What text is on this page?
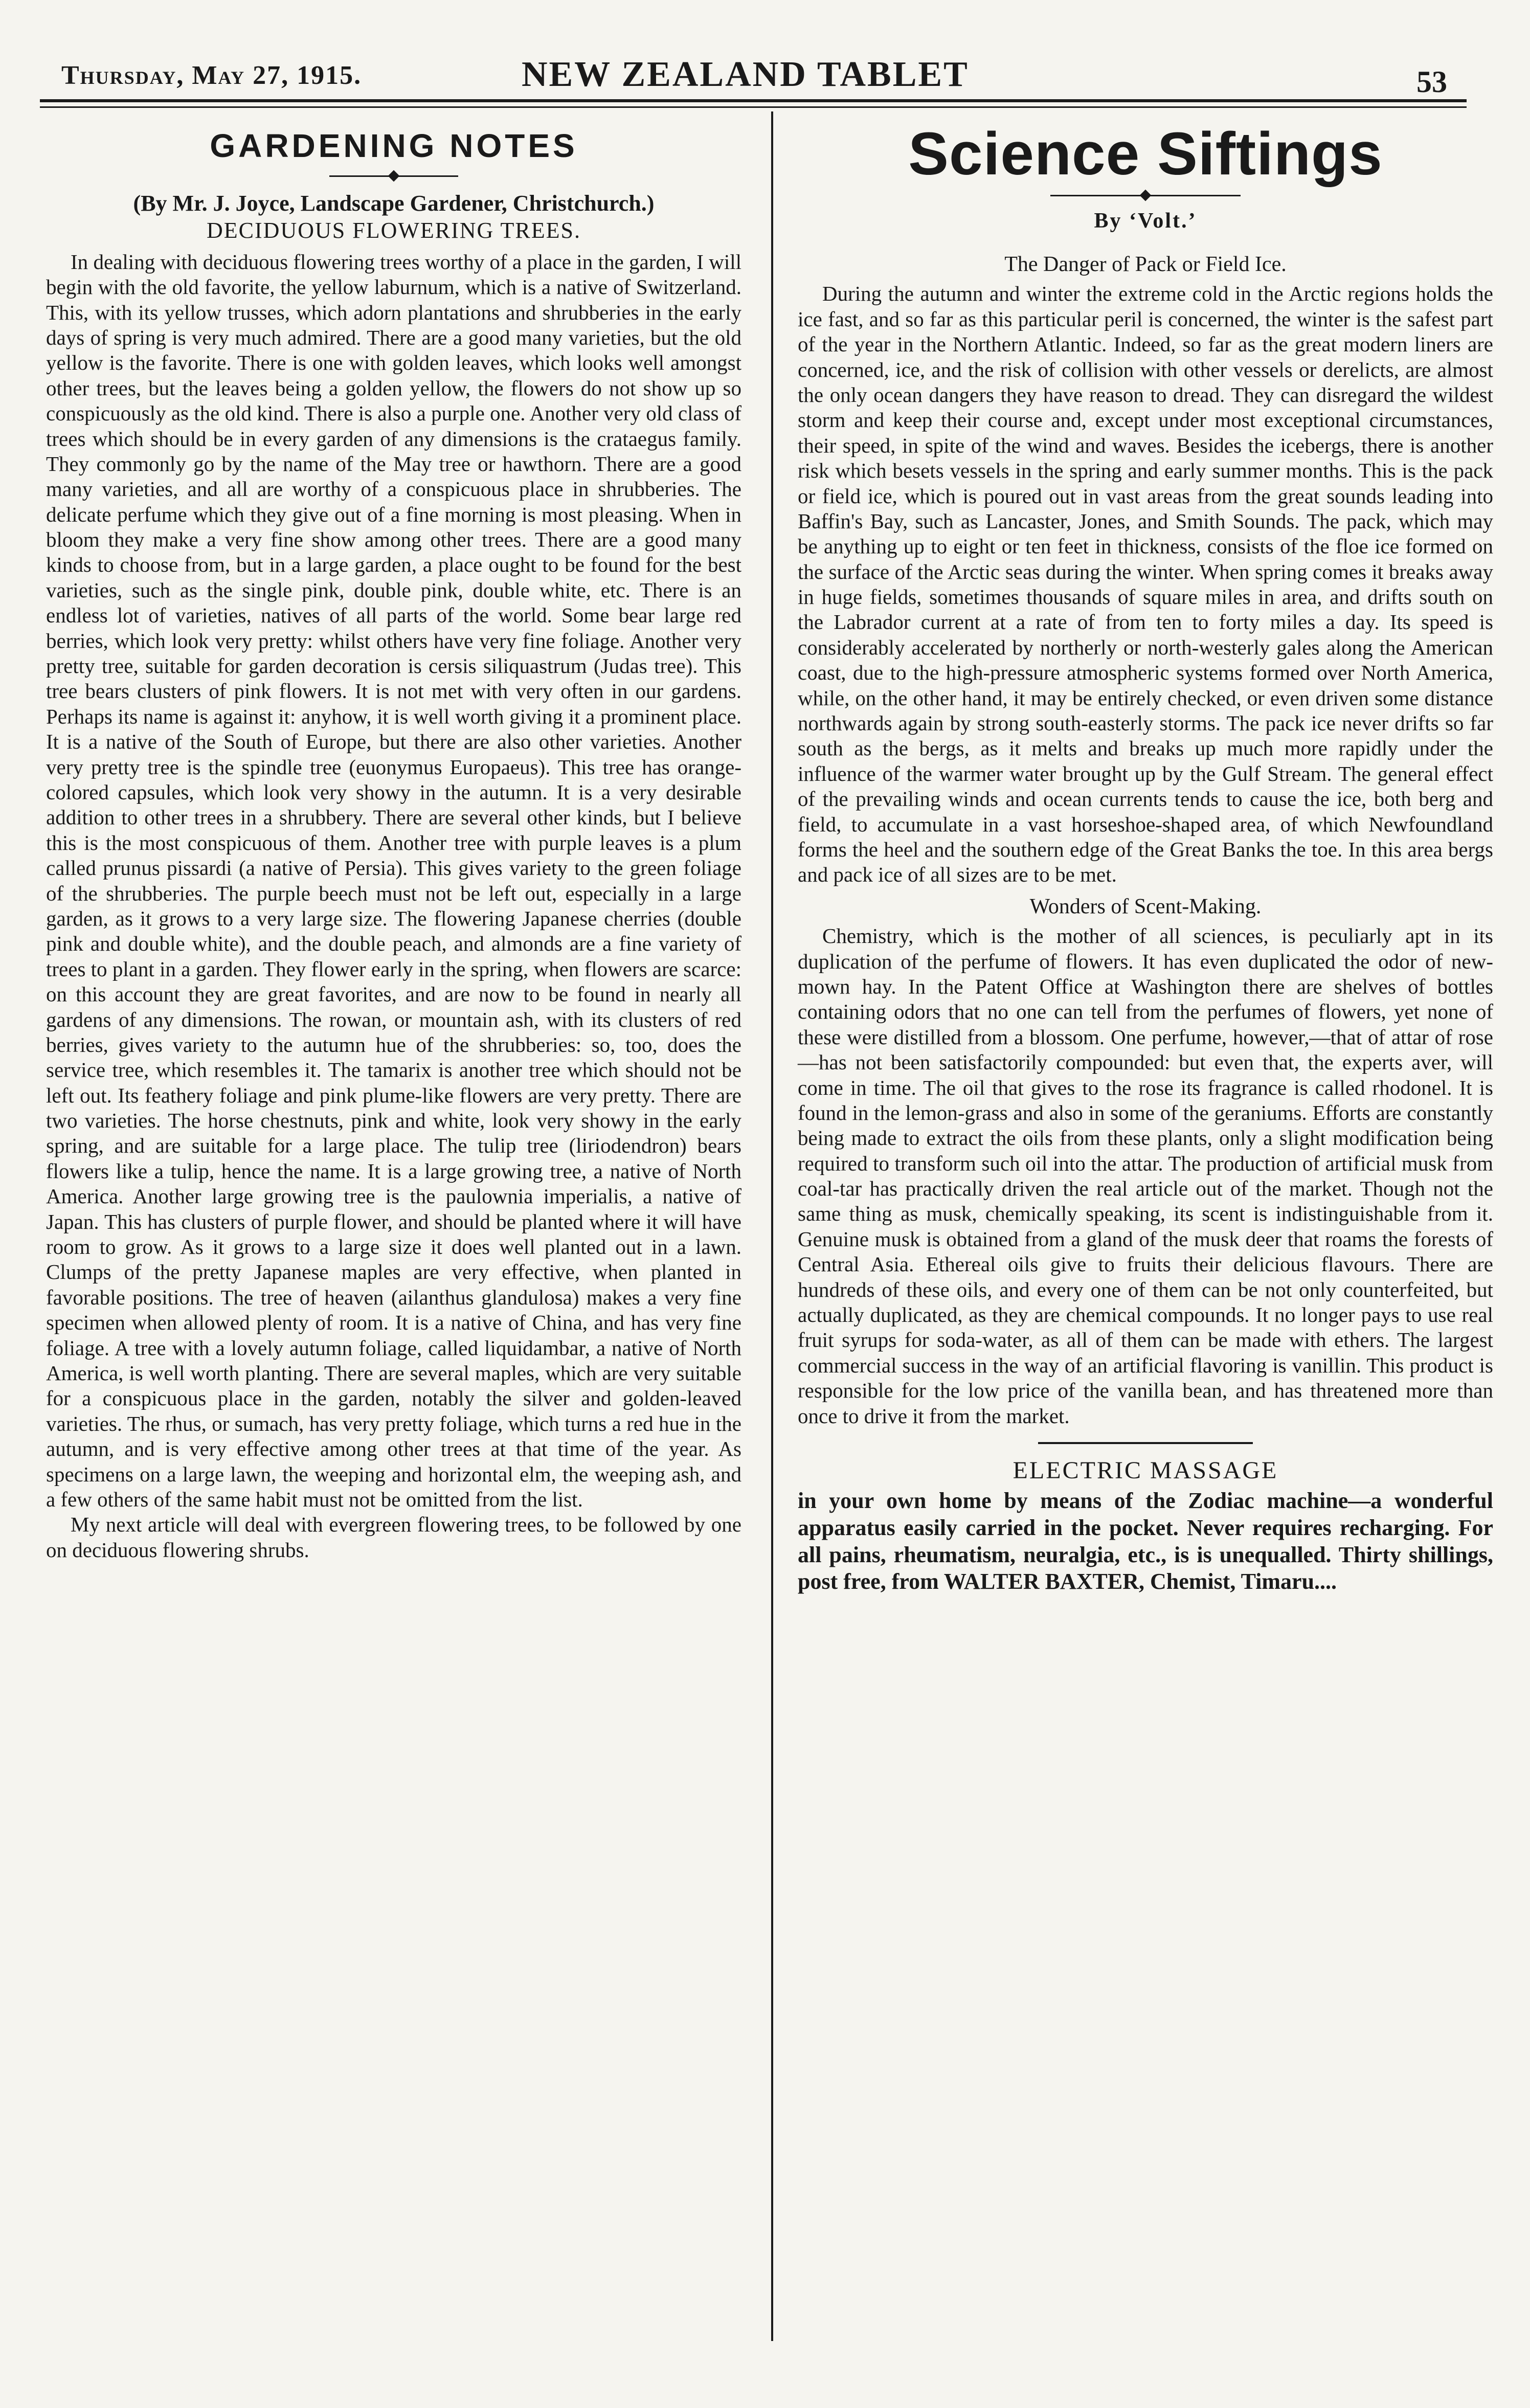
Thursday, May 27, 1915.	NEW ZEALAND TABLET	53
GARDENING NOTES
(By Mr. J. Joyce, Landscape Gardener, Christchurch.)
DECIDUOUS FLOWERING TREES.

In dealing with deciduous flowering trees worthy of a place in the garden, I will begin with the old favorite, the yellow laburnum, which is a native of Switzerland. This, with its yellow trusses, which adorn plantations and shrubberies in the early days of spring is very much admired. There are a good many varieties, but the old yellow is the favorite. There is one with golden leaves, which looks well amongst other trees, but the leaves being a golden yellow, the flowers do not show up so conspicuously as the old kind. There is also a purple one. Another very old class of trees which should be in every garden of any dimensions is the crataegus family. They commonly go by the name of the May tree or hawthorn. There are a good many varieties, and all are worthy of a conspicuous place in shrubberies. The delicate perfume which they give out of a fine morning is most pleasing. When in bloom they make a very fine show among other trees. There are a good many kinds to choose from, but in a large garden, a place ought to be found for the best varieties, such as the single pink, double pink, double white, etc. There is an endless lot of varieties, natives of all parts of the world. Some bear large red berries, which look very pretty: whilst others have very fine foliage. Another very pretty tree, suitable for garden decoration is cersis siliquastrum (Judas tree). This tree bears clusters of pink flowers. It is not met with very often in our gardens. Perhaps its name is against it: anyhow, it is well worth giving it a prominent place. It is a native of the South of Europe, but there are also other varieties. Another very pretty tree is the spindle tree (euonymus Europaeus). This tree has orange-colored capsules, which look very showy in the autumn. It is a very desirable addition to other trees in a shrubbery. There are several other kinds, but I believe this is the most conspicuous of them. Another tree with purple leaves is a plum called prunus pissardi (a native of Persia). This gives variety to the green foliage of the shrubberies. The purple beech must not be left out, especially in a large garden, as it grows to a very large size. The flowering Japanese cherries (double pink and double white), and the double peach, and almonds are a fine variety of trees to plant in a garden. They flower early in the spring, when flowers are scarce: on this account they are great favorites, and are now to be found in nearly all gardens of any dimensions. The rowan, or mountain ash, with its clusters of red berries, gives variety to the autumn hue of the shrubberies: so, too, does the service tree, which resembles it. The tamarix is another tree which should not be left out. Its feathery foliage and pink plume-like flowers are very pretty. There are two varieties. The horse chestnuts, pink and white, look very showy in the early spring, and are suitable for a large place. The tulip tree (liriodendron) bears flowers like a tulip, hence the name. It is a large growing tree, a native of North America. Another large growing tree is the paulownia imperialis, a native of Japan. This has clusters of purple flower, and should be planted where it will have room to grow. As it grows to a large size it does well planted out in a lawn. Clumps of the pretty Japanese maples are very effective, when planted in favorable positions. The tree of heaven (ailanthus glandulosa) makes a very fine specimen when allowed plenty of room. It is a native of China, and has very fine foliage. A tree with a lovely autumn foliage, called liquidambar, a native of North America, is well worth planting. There are several maples, which are very suitable for a conspicuous place in the garden, notably the silver and golden-leaved varieties. The rhus, or sumach, has very pretty foliage, which turns a red hue in the autumn, and is very effective among other trees at that time of the year. As specimens on a large lawn, the weeping and horizontal elm, the weeping ash, and a few others of the same habit must not be omitted from the list.

My next article will deal with evergreen flowering trees, to be followed by one on deciduous flowering shrubs.

Science Siftings
By ‘Volt.’
The Danger of Pack or Field Ice.

During the autumn and winter the extreme cold in the Arctic regions holds the ice fast, and so far as this particular peril is concerned, the winter is the safest part of the year in the Northern Atlantic. Indeed, so far as the great modern liners are concerned, ice, and the risk of collision with other vessels or derelicts, are almost the only ocean dangers they have reason to dread. They can disregard the wildest storm and keep their course and, except under most exceptional circumstances, their speed, in spite of the wind and waves. Besides the icebergs, there is another risk which besets vessels in the spring and early summer months. This is the pack or field ice, which is poured out in vast areas from the great sounds leading into Baffin's Bay, such as Lancaster, Jones, and Smith Sounds. The pack, which may be anything up to eight or ten feet in thickness, consists of the floe ice formed on the surface of the Arctic seas during the winter. When spring comes it breaks away in huge fields, sometimes thousands of square miles in area, and drifts south on the Labrador current at a rate of from ten to forty miles a day. Its speed is considerably accelerated by northerly or north-westerly gales along the American coast, due to the high-pressure atmospheric systems formed over North America, while, on the other hand, it may be entirely checked, or even driven some distance northwards again by strong south-easterly storms. The pack ice never drifts so far south as the bergs, as it melts and breaks up much more rapidly under the influence of the warmer water brought up by the Gulf Stream. The general effect of the prevailing winds and ocean currents tends to cause the ice, both berg and field, to accumulate in a vast horseshoe-shaped area, of which Newfoundland forms the heel and the southern edge of the Great Banks the toe. In this area bergs and pack ice of all sizes are to be met.

Wonders of Scent-Making.

Chemistry, which is the mother of all sciences, is peculiarly apt in its duplication of the perfume of flowers. It has even duplicated the odor of new-mown hay. In the Patent Office at Washington there are shelves of bottles containing odors that no one can tell from the perfumes of flowers, yet none of these were distilled from a blossom. One perfume, however,—that of attar of rose—has not been satisfactorily compounded: but even that, the experts aver, will come in time. The oil that gives to the rose its fragrance is called rhodonel. It is found in the lemon-grass and also in some of the geraniums. Efforts are constantly being made to extract the oils from these plants, only a slight modification being required to transform such oil into the attar. The production of artificial musk from coal-tar has practically driven the real article out of the market. Though not the same thing as musk, chemically speaking, its scent is indistinguishable from it. Genuine musk is obtained from a gland of the musk deer that roams the forests of Central Asia. Ethereal oils give to fruits their delicious flavours. There are hundreds of these oils, and every one of them can be not only counterfeited, but actually duplicated, as they are chemical compounds. It no longer pays to use real fruit syrups for soda-water, as all of them can be made with ethers. The largest commercial success in the way of an artificial flavoring is vanillin. This product is responsible for the low price of the vanilla bean, and has threatened more than once to drive it from the market.

ELECTRIC MASSAGE

in your own home by means of the Zodiac machine—a wonderful apparatus easily carried in the pocket. Never requires recharging. For all pains, rheumatism, neuralgia, etc., is is unequalled. Thirty shillings, post free, from WALTER BAXTER, Chemist, Timaru....
